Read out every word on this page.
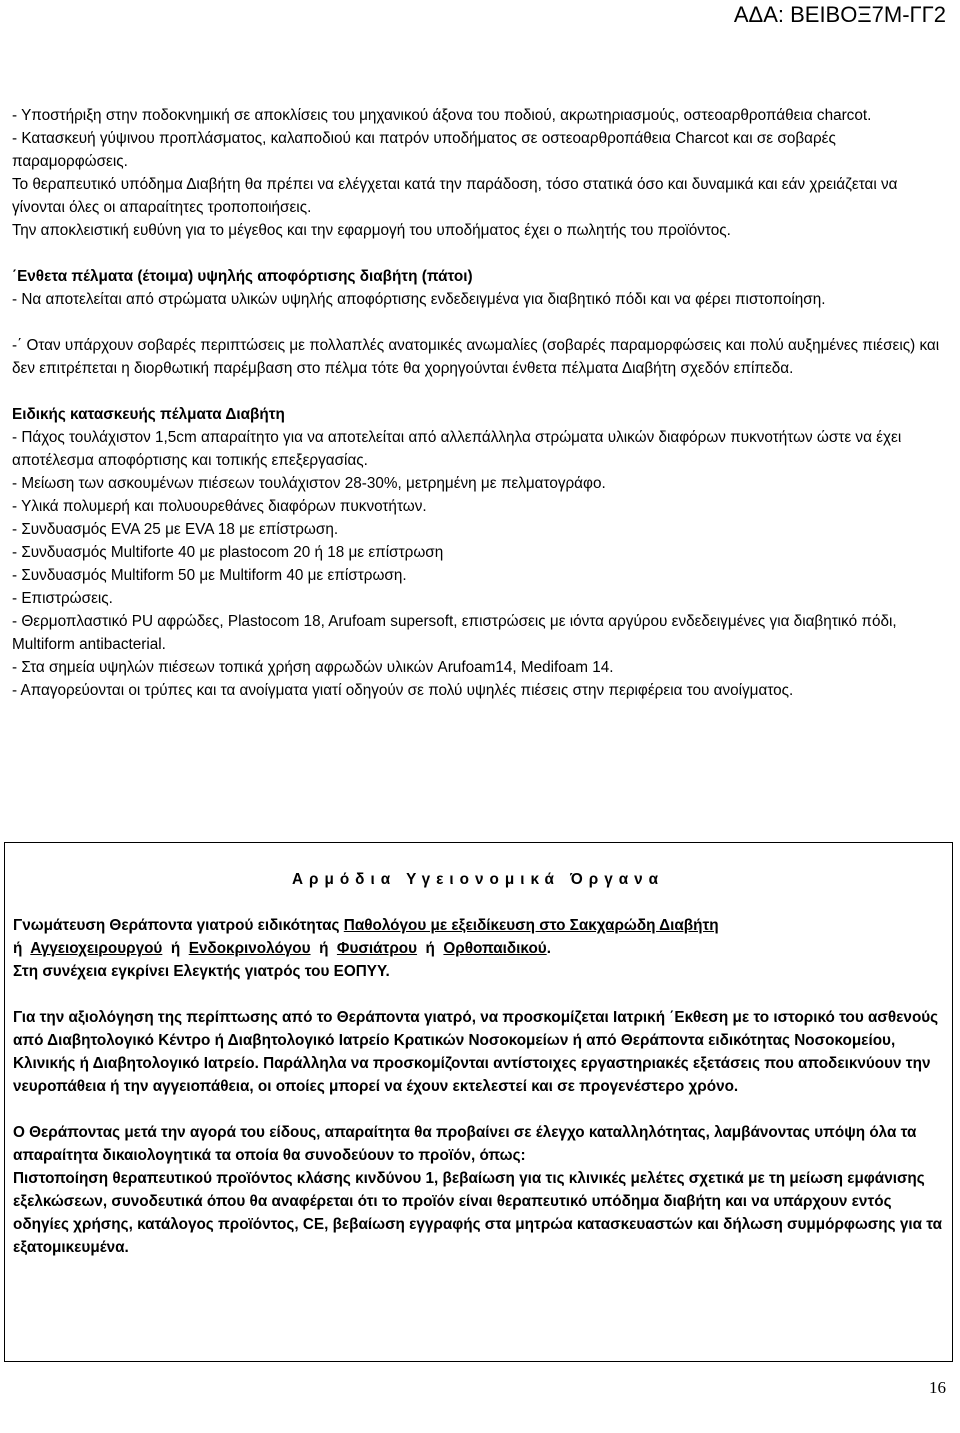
ΑΔΑ: ΒΕΙΒΟΞ7Μ-ΓΓ2

- Υποστήριξη στην ποδοκνημική σε αποκλίσεις του μηχανικού άξονα του ποδιού, ακρωτηριασμούς, οστεοαρθροπάθεια charcot.

- Κατασκευή γύψινου προπλάσματος, καλαποδιού και πατρόν υποδήματος σε οστεοαρθροπάθεια Charcot και σε σοβαρές παραμορφώσεις.

Το θεραπευτικό υπόδημα Διαβήτη θα πρέπει να ελέγχεται κατά την παράδοση, τόσο στατικά όσο και δυναμικά και εάν χρειάζεται να γίνονται όλες οι απαραίτητες τροποποιήσεις.

Την αποκλειστική ευθύνη για το μέγεθος και την εφαρμογή του υποδήματος έχει ο πωλητής του προϊόντος.

΄Ενθετα πέλματα (έτοιμα) υψηλής αποφόρτισης διαβήτη (πάτοι)

- Να αποτελείται από στρώματα υλικών υψηλής αποφόρτισης ενδεδειγμένα για διαβητικό πόδι και να φέρει πιστοποίηση.

-΄ Οταν υπάρχουν σοβαρές περιπτώσεις με πολλαπλές ανατομικές ανωμαλίες (σοβαρές παραμορφώσεις και πολύ αυξημένες πιέσεις) και δεν επιτρέπεται η διορθωτική παρέμβαση στο πέλμα τότε θα χορηγούνται ένθετα πέλματα Διαβήτη σχεδόν επίπεδα.

Ειδικής κατασκευής πέλματα Διαβήτη

- Πάχος τουλάχιστον 1,5cm απαραίτητο για να αποτελείται από αλλεπάλληλα στρώματα υλικών διαφόρων πυκνοτήτων ώστε να έχει αποτέλεσμα αποφόρτισης και τοπικής επεξεργασίας.

- Μείωση των ασκουμένων πιέσεων τουλάχιστον 28-30%, μετρημένη με πελματογράφο.

- Υλικά πολυμερή και πολυουρεθάνες διαφόρων πυκνοτήτων.

- Συνδυασμός EVA 25 με EVA 18 με επίστρωση.

- Συνδυασμός Multiforte 40 με plastocom 20 ή 18 με επίστρωση

- Συνδυασμός Multiform 50 με Multiform 40 με επίστρωση.

- Επιστρώσεις.

- Θερμοπλαστικό PU αφρώδες, Plastocom 18, Arufoam supersoft, επιστρώσεις με ιόντα αργύρου ενδεδειγμένες για διαβητικό πόδι, Multiform antibacterial.

- Στα σημεία υψηλών πιέσεων τοπικά χρήση αφρωδών υλικών Arufoam14, Medifoam 14.

- Απαγορεύονται οι τρύπες και τα ανοίγματα γιατί οδηγούν σε πολύ υψηλές πιέσεις στην περιφέρεια του ανοίγματος.

Αρμόδια Υγειονομικά Όργανα

Γνωμάτευση Θεράποντα γιατρού ειδικότητας Παθολόγου με εξειδίκευση στο Σακχαρώδη Διαβήτη
ή Αγγειοχειρουργού ή Ενδοκρινολόγου ή Φυσιάτρου ή Ορθοπαιδικού.

Στη συνέχεια εγκρίνει Ελεγκτής γιατρός του ΕΟΠΥΥ.

Για την αξιολόγηση της περίπτωσης από το Θεράποντα γιατρό, να προσκομίζεται Ιατρική ΄Εκθεση με το ιστορικό του ασθενούς από Διαβητολογικό Κέντρο ή Διαβητολογικό Ιατρείο Κρατικών Νοσοκομείων ή από Θεράποντα ειδικότητας Νοσοκομείου, Κλινικής ή Διαβητολογικό Ιατρείο. Παράλληλα να προσκομίζονται αντίστοιχες εργαστηριακές εξετάσεις που αποδεικνύουν την νευροπάθεια ή την αγγειοπάθεια, οι οποίες μπορεί να έχουν εκτελεστεί και σε προγενέστερο χρόνο.

Ο Θεράποντας μετά την αγορά του είδους, απαραίτητα θα προβαίνει σε έλεγχο καταλληλότητας, λαμβάνοντας υπόψη όλα τα απαραίτητα δικαιολογητικά τα οποία θα συνοδεύουν το προϊόν, όπως:

Πιστοποίηση θεραπευτικού προϊόντος κλάσης κινδύνου 1, βεβαίωση για τις κλινικές μελέτες σχετικά με τη μείωση εμφάνισης εξελκώσεων, συνοδευτικά όπου θα αναφέρεται ότι το προϊόν είναι θεραπευτικό υπόδημα διαβήτη και να υπάρχουν εντός οδηγίες χρήσης, κατάλογος προϊόντος, CE, βεβαίωση εγγραφής στα μητρώα κατασκευαστών και δήλωση συμμόρφωσης για τα εξατομικευμένα.

16
